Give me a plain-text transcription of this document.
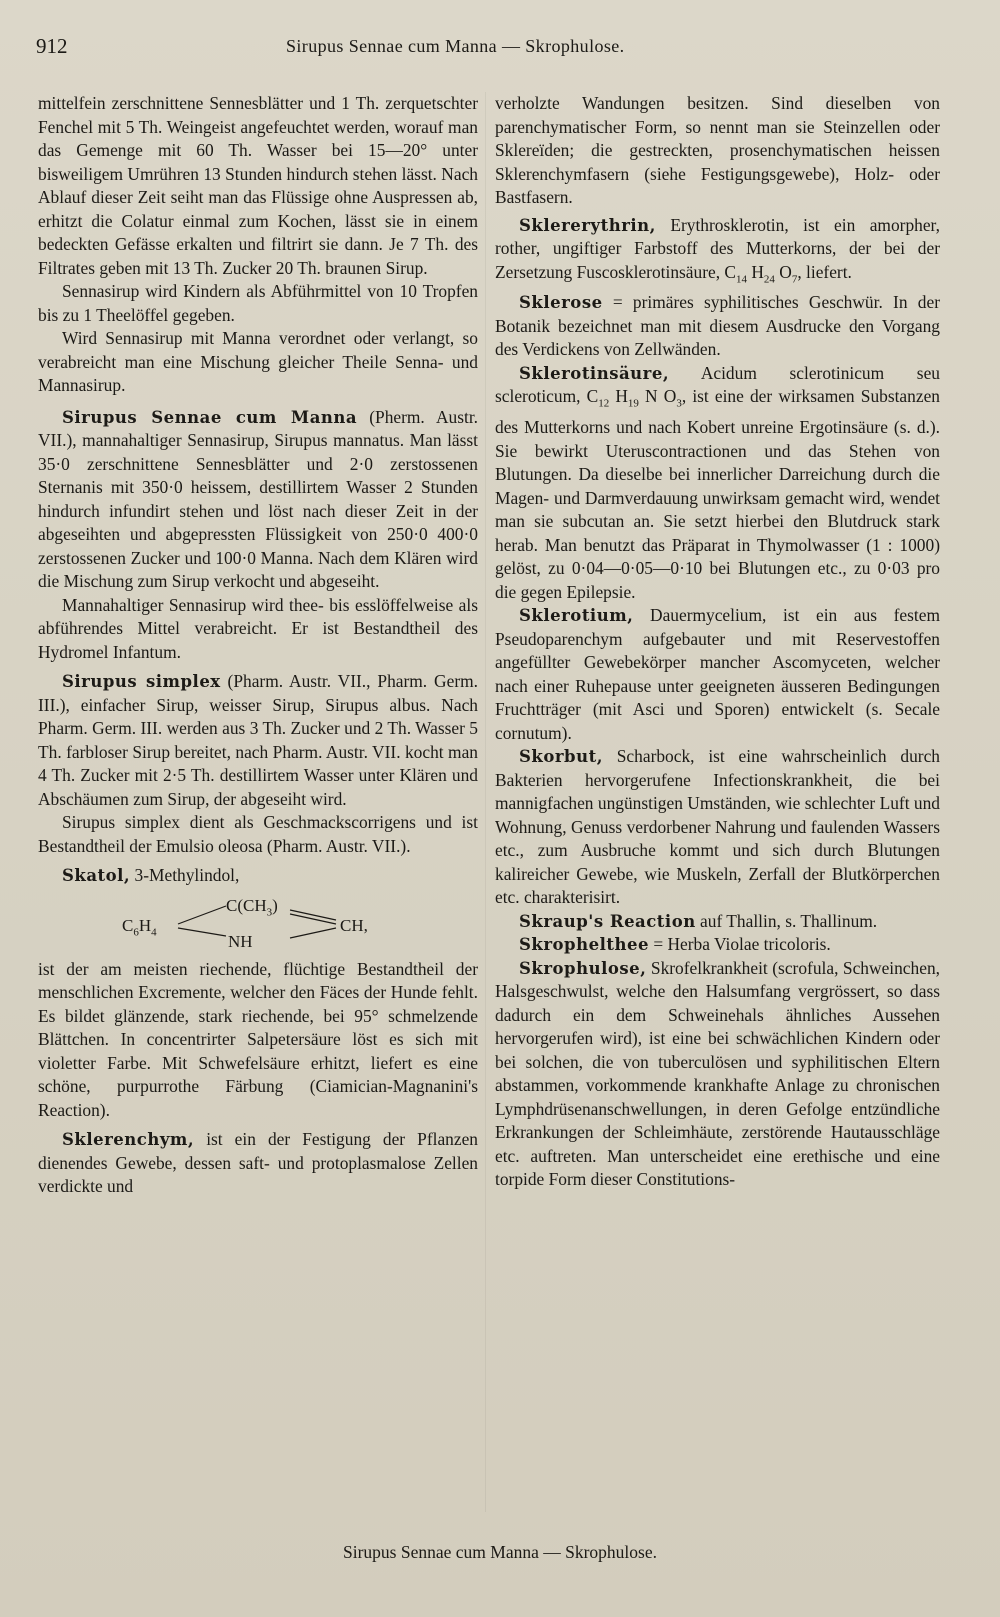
912	Sirupus Sennae cum Manna — Skrophulose.

mittelfein zerschnittene Sennesblätter und 1 Th. zerquetschter Fenchel mit 5 Th. Weingeist angefeuchtet werden, worauf man das Gemenge mit 60 Th. Wasser bei 15—20° unter bisweiligem Umrühren 13 Stunden hindurch stehen lässt. Nach Ablauf dieser Zeit seiht man das Flüssige ohne Auspressen ab, erhitzt die Colatur einmal zum Kochen, lässt sie in einem bedeckten Gefässe erkalten und filtrirt sie dann. Je 7 Th. des Filtrates geben mit 13 Th. Zucker 20 Th. braunen Sirup.

Sennasirup wird Kindern als Abführmittel von 10 Tropfen bis zu 1 Theelöffel gegeben.

Wird Sennasirup mit Manna verordnet oder verlangt, so verabreicht man eine Mischung gleicher Theile Senna- und Mannasirup.

Sirupus Sennae cum Manna (Pherm. Austr. VII.), mannahaltiger Sennasirup, Sirupus mannatus. Man lässt 35·0 zerschnittene Sennesblätter und 2·0 zerstossenen Sternanis mit 350·0 heissem, destillirtem Wasser 2 Stunden hindurch infundirt stehen und löst nach dieser Zeit in der abgeseihten und abgepressten Flüssigkeit von 250·0 400·0 zerstossenen Zucker und 100·0 Manna. Nach dem Klären wird die Mischung zum Sirup verkocht und abgeseiht.

Mannahaltiger Sennasirup wird thee- bis esslöffelweise als abführendes Mittel verabreicht. Er ist Bestandtheil des Hydromel Infantum.

Sirupus simplex (Pharm. Austr. VII., Pharm. Germ. III.), einfacher Sirup, weisser Sirup, Sirupus albus. Nach Pharm. Germ. III. werden aus 3 Th. Zucker und 2 Th. Wasser 5 Th. farbloser Sirup bereitet, nach Pharm. Austr. VII. kocht man 4 Th. Zucker mit 2·5 Th. destillirtem Wasser unter Klären und Abschäumen zum Sirup, der abgeseiht wird.

Sirupus simplex dient als Geschmackscorrigens und ist Bestandtheil der Emulsio oleosa (Pharm. Austr. VII.).

Skatol, 3-Methylindol,

$C_6H_4$
$C(CH_3)$
NH
CH,

ist der am meisten riechende, flüchtige Bestandtheil der menschlichen Excremente, welcher den Fäces der Hunde fehlt. Es bildet glänzende, stark riechende, bei 95° schmelzende Blättchen. In concentrirter Salpetersäure löst es sich mit violetter Farbe. Mit Schwefelsäure erhitzt, liefert es eine schöne, purpurrothe Färbung (Ciamician-Magnanini's Reaction).

Sklerenchym, ist ein der Festigung der Pflanzen dienendes Gewebe, dessen saft- und protoplasmalose Zellen verdickte und

verholzte Wandungen besitzen. Sind dieselben von parenchymatischer Form, so nennt man sie Steinzellen oder Sklereïden; die gestreckten, prosenchymatischen heissen Sklerenchymfasern (siehe Festigungsgewebe), Holz- oder Bastfasern.

Sklererythrin, Erythrosklerotin, ist ein amorpher, rother, ungiftiger Farbstoff des Mutterkorns, der bei der Zersetzung Fuscosklerotinsäure, $C_{14}$ $H_{24}$ $O_7$, liefert.

Sklerose = primäres syphilitisches Geschwür. In der Botanik bezeichnet man mit diesem Ausdrucke den Vorgang des Verdickens von Zellwänden.

Sklerotinsäure, Acidum sclerotinicum seu scleroticum, $C_{12}$ $H_{19}$ N $O_3$, ist eine der wirksamen Substanzen des Mutterkorns und nach Kobert unreine Ergotinsäure (s. d.). Sie bewirkt Uteruscontractionen und das Stehen von Blutungen. Da dieselbe bei innerlicher Darreichung durch die Magen- und Darmverdauung unwirksam gemacht wird, wendet man sie subcutan an. Sie setzt hierbei den Blutdruck stark herab. Man benutzt das Präparat in Thymolwasser (1 : 1000) gelöst, zu 0·04—0·05—0·10 bei Blutungen etc., zu 0·03 pro die gegen Epilepsie.

Sklerotium, Dauermycelium, ist ein aus festem Pseudoparenchym aufgebauter und mit Reservestoffen angefüllter Gewebekörper mancher Ascomyceten, welcher nach einer Ruhepause unter geeigneten äusseren Bedingungen Fruchtträger (mit Asci und Sporen) entwickelt (s. Secale cornutum).

Skorbut, Scharbock, ist eine wahrscheinlich durch Bakterien hervorgerufene Infectionskrankheit, die bei mannigfachen ungünstigen Umständen, wie schlechter Luft und Wohnung, Genuss verdorbener Nahrung und faulenden Wassers etc., zum Ausbruche kommt und sich durch Blutungen kalireicher Gewebe, wie Muskeln, Zerfall der Blutkörperchen etc. charakterisirt.

Skraup's Reaction auf Thallin, s. Thallinum.

Skropheltheе = Herba Violae tricoloris.

Skrophulose, Skrofelkrankheit (scrofula, Schweinchen, Halsgeschwulst, welche den Halsumfang vergrössert, so dass dadurch ein dem Schweinehals ähnliches Aussehen hervorgerufen wird), ist eine bei schwächlichen Kindern oder bei solchen, die von tuberculösen und syphilitischen Eltern abstammen, vorkommende krankhafte Anlage zu chronischen Lymphdrüsenanschwellungen, in deren Gefolge entzündliche Erkrankungen der Schleimhäute, zerstörende Hautausschläge etc. auftreten. Man unterscheidet eine erethische und eine torpide Form dieser Constitutions-

Sirupus Sennae cum Manna — Skrophulose.
